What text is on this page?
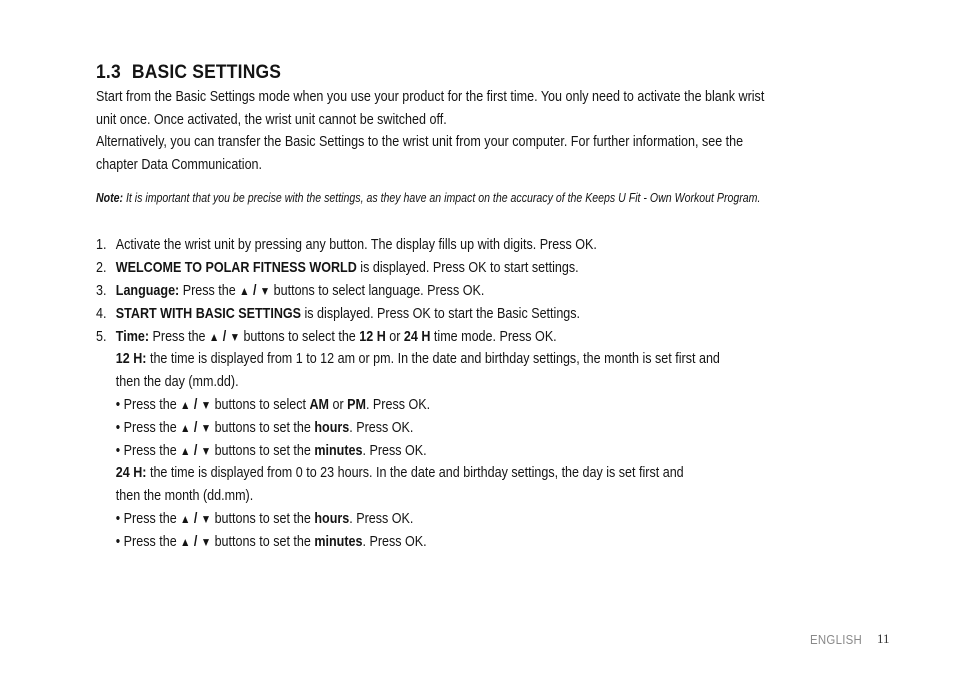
1.3 BASIC SETTINGS

Start from the Basic Settings mode when you use your product for the first time. You only need to activate the blank wrist

unit once. Once activated, the wrist unit cannot be switched off.

Alternatively, you can transfer the Basic Settings to the wrist unit from your computer. For further information, see the

chapter Data Communication.

Note: It is important that you be precise with the settings, as they have an impact on the accuracy of the Keeps U Fit - Own Workout Program.

1. Activate the wrist unit by pressing any button. The display fills up with digits. Press OK.
2. WELCOME TO POLAR FITNESS WORLD is displayed. Press OK to start settings.
3. Language: Press the ▲ / ▼ buttons to select language. Press OK.
4. START WITH BASIC SETTINGS is displayed. Press OK to start the Basic Settings.
5. Time: Press the ▲ / ▼ buttons to select the 12 H or 24 H time mode. Press OK.
12 H: the time is displayed from 1 to 12 am or pm. In the date and birthday settings, the month is set first and
then the day (mm.dd).
• Press the ▲ / ▼ buttons to select AM or PM. Press OK.
• Press the ▲ / ▼ buttons to set the hours. Press OK.
• Press the ▲ / ▼ buttons to set the minutes. Press OK.
24 H: the time is displayed from 0 to 23 hours. In the date and birthday settings, the day is set first and
then the month (dd.mm).
• Press the ▲ / ▼ buttons to set the hours. Press OK.
• Press the ▲ / ▼ buttons to set the minutes. Press OK.
ENGLISH 11
